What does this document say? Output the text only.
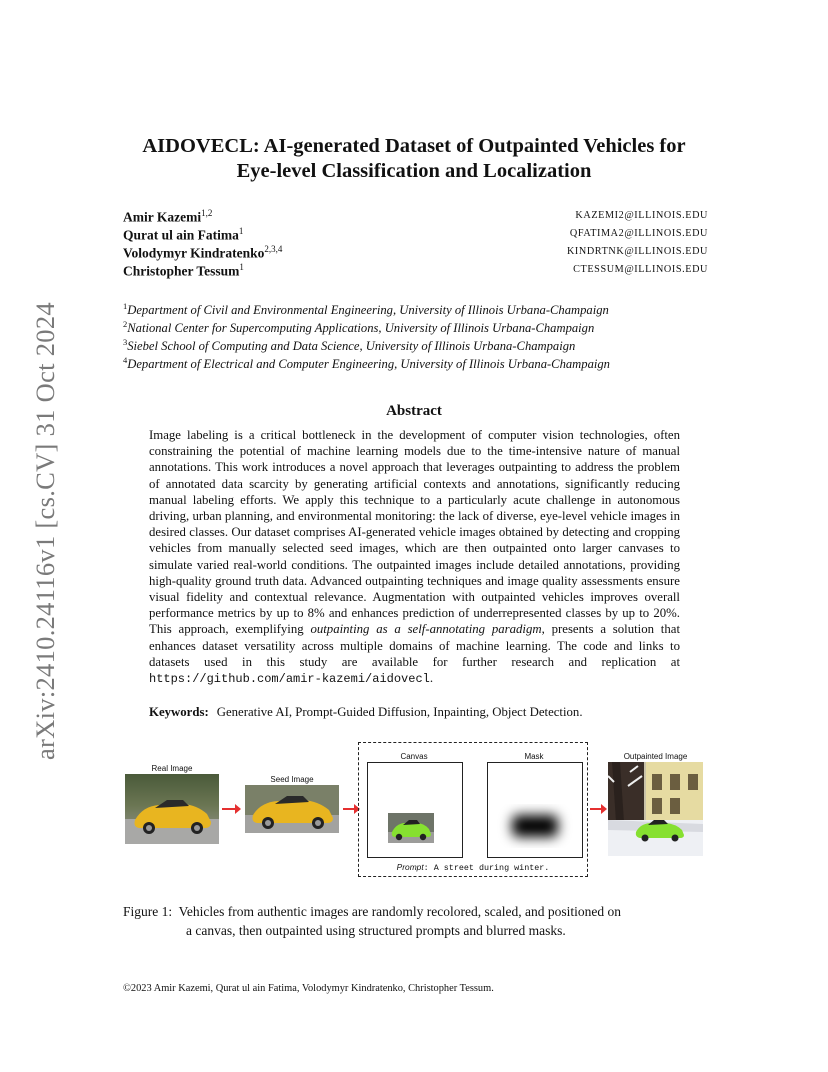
arXiv:2410.24116v1 [cs.CV] 31 Oct 2024
AIDOVECL: AI-generated Dataset of Outpainted Vehicles for
Eye-level Classification and Localization
Amir Kazemi$^{1,2}$	KAZEMI2@ILLINOIS.EDU
Qurat ul ain Fatima$^1$	QFATIMA2@ILLINOIS.EDU
Volodymyr Kindratenko$^{2,3,4}$	KINDRTNK@ILLINOIS.EDU
Christopher Tessum$^1$	CTESSUM@ILLINOIS.EDU
$^1$Department of Civil and Environmental Engineering, University of Illinois Urbana-Champaign
$^2$National Center for Supercomputing Applications, University of Illinois Urbana-Champaign
$^3$Siebel School of Computing and Data Science, University of Illinois Urbana-Champaign
$^4$Department of Electrical and Computer Engineering, University of Illinois Urbana-Champaign
Abstract
Image labeling is a critical bottleneck in the development of computer vision technologies, often constraining the potential of machine learning models due to the time-intensive nature of manual annotations. This work introduces a novel approach that leverages outpainting to address the problem of annotated data scarcity by generating artificial contexts and annotations, significantly reducing manual labeling efforts. We apply this technique to a particularly acute challenge in autonomous driving, urban planning, and environmental monitoring: the lack of diverse, eye-level vehicle images in desired classes. Our dataset comprises AI-generated vehicle images obtained by detecting and cropping vehicles from manually selected seed images, which are then outpainted onto larger canvases to simulate varied real-world conditions. The outpainted images include detailed annotations, providing high-quality ground truth data. Advanced outpainting techniques and image quality assessments ensure visual fidelity and contextual relevance. Augmentation with outpainted vehicles improves overall performance metrics by up to 8% and enhances prediction of underrepresented classes by up to 20%. This approach, exemplifying outpainting as a self-annotating paradigm, presents a solution that enhances dataset versatility across multiple domains of machine learning. The code and links to datasets used in this study are available for further research and replication at https://github.com/amir-kazemi/aidovecl.
Keywords: Generative AI, Prompt-Guided Diffusion, Inpainting, Object Detection.
Real Image
Seed Image
Canvas	Mask
Prompt: A street during winter.
Outpainted Image
Figure 1: Vehicles from authentic images are randomly recolored, scaled, and positioned on
a canvas, then outpainted using structured prompts and blurred masks.
©2023 Amir Kazemi, Qurat ul ain Fatima, Volodymyr Kindratenko, Christopher Tessum.
